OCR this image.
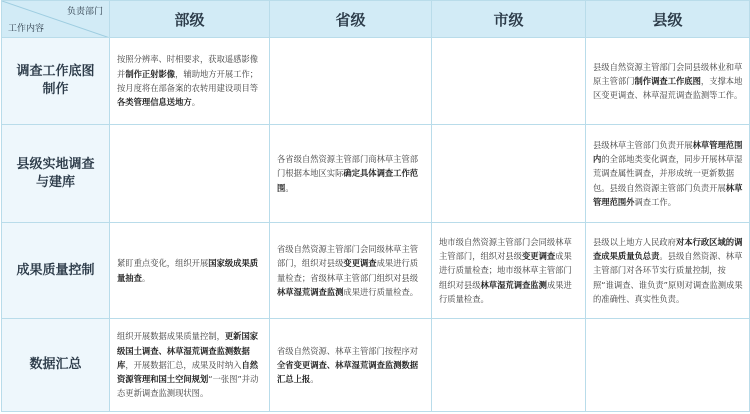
负责部门
工作内容	部级	省级	市级	县级
调查工作底图制作	按照分辨率、时相要求，获取遥感影像并制作正射影像，辅助地方开展工作；按月度将在部备案的农转用建设项目等各类管理信息送地方。			县级自然资源主管部门会同县级林业和草原主管部门制作调查工作底图，支撑本地区变更调查、林草湿荒调查监测等工作。
县级实地调查与建库		各省级自然资源主管部门商林草主管部门根据本地区实际确定具体调查工作范围。		县级林草主管部门负责开展林草管理范围内的全部地类变化调查，同步开展林草湿荒调查属性调查，并形成统一更新数据包。县级自然资源主管部门负责开展林草管理范围外调查工作。
成果质量控制	紧盯重点变化，组织开展国家级成果质量抽查。	省级自然资源主管部门会同级林草主管部门，组织对县级变更调查成果进行质量检查；省级林草主管部门组织对县级林草湿荒调查监测成果进行质量检查。	地市级自然资源主管部门会同级林草主管部门，组织对县级变更调查成果进行质量检查；地市级林草主管部门组织对县级林草湿荒调查监测成果进行质量检查。	县级以上地方人民政府对本行政区域的调查成果质量负总责。县级自然资源、林草主管部门对各环节实行质量控制，按照“谁调查、谁负责”原则对调查监测成果的准确性、真实性负责。
数据汇总	组织开展数据成果质量控制，更新国家级国土调查、林草湿荒调查监测数据库，开展数据汇总，成果及时纳入自然资源管理和国土空间规划“一张图”并动态更新调查监测现状图。	省级自然资源、林草主管部门按程序对全省变更调查、林草湿荒调查监测数据汇总上报。		
